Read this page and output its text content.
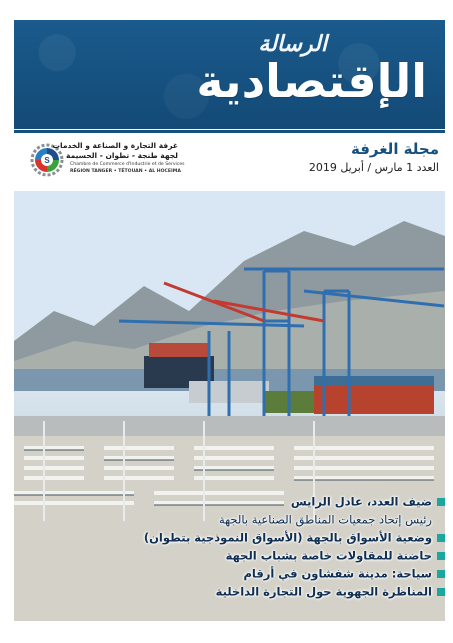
الرسالة
الإقتصادية
S
غرفة التجارة و الصناعة و الخدمات
لجهة طنجة - تطوان - الحسيمة
Chambre de Commerce d'Industrie et de Services
RÉGION TANGER • TÉTOUAN • AL HOCEIMA
مجلة الغرفة
العدد 1 مارس / أبريل 2019
ضيف العدد، عادل الرايس
رئيس إتحاد جمعيات المناطق الصناعية بالجهة
وضعية الأسواق بالجهة (الأسواق النموذجية بتطوان)
حاضنة للمقاولات خاصة بشباب الجهة
سياحة: مدينة شفشاون في أرقام
المناظرة الجهوية حول التجارة الداخلية
